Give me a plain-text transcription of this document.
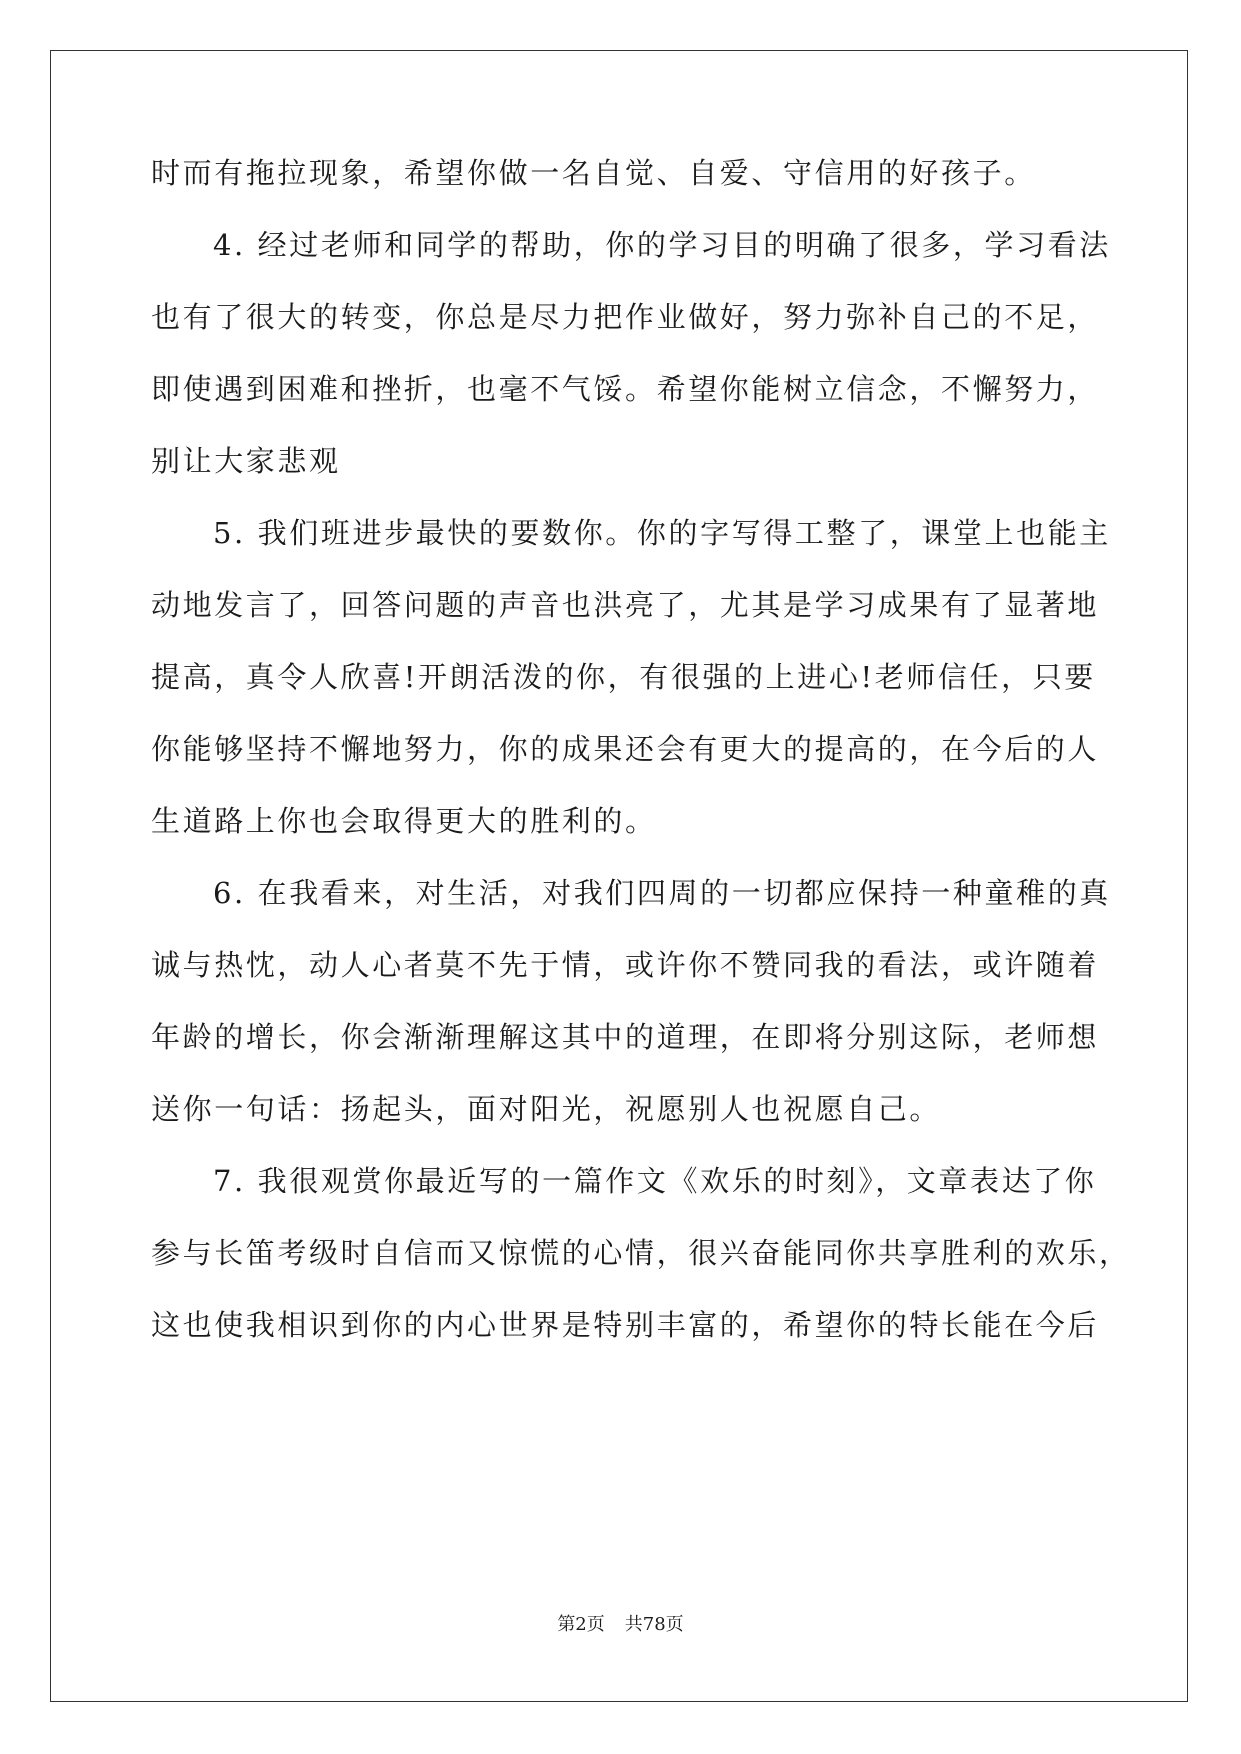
时而有拖拉现象，希望你做一名自觉、自爱、守信用的好孩子。
4. 经过老师和同学的帮助，你的学习目的明确了很多，学习看法
也有了很大的转变，你总是尽力把作业做好，努力弥补自己的不足，
即使遇到困难和挫折，也毫不气馁。希望你能树立信念，不懈努力，
别让大家悲观
5. 我们班进步最快的要数你。你的字写得工整了，课堂上也能主
动地发言了，回答问题的声音也洪亮了，尤其是学习成果有了显著地
提高，真令人欣喜!开朗活泼的你，有很强的上进心!老师信任，只要
你能够坚持不懈地努力，你的成果还会有更大的提高的，在今后的人
生道路上你也会取得更大的胜利的。
6. 在我看来，对生活，对我们四周的一切都应保持一种童稚的真
诚与热忱，动人心者莫不先于情，或许你不赞同我的看法，或许随着
年龄的增长，你会渐渐理解这其中的道理，在即将分别这际，老师想
送你一句话：扬起头，面对阳光，祝愿别人也祝愿自己。
7. 我很观赏你最近写的一篇作文《欢乐的时刻》，文章表达了你
参与长笛考级时自信而又惊慌的心情，很兴奋能同你共享胜利的欢乐，
这也使我相识到你的内心世界是特别丰富的，希望你的特长能在今后
第2页 共78页
